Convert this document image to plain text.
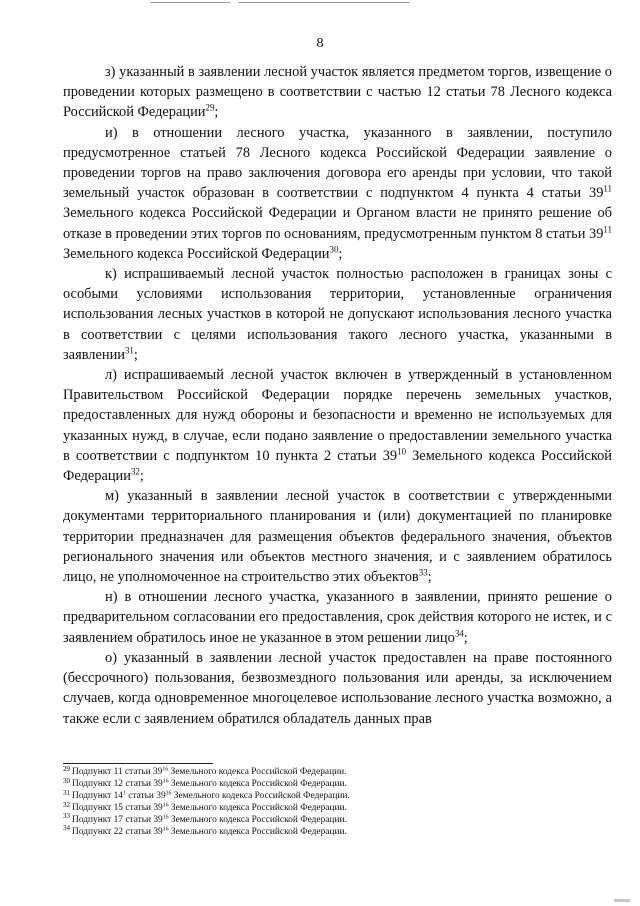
8

з) указанный в заявлении лесной участок является предметом торгов, извещение о проведении которых размещено в соответствии с частью 12 статьи 78 Лесного кодекса Российской Федерации$^{29}$;

и) в отношении лесного участка, указанного в заявлении, поступило предусмотренное статьей 78 Лесного кодекса Российской Федерации заявление о проведении торгов на право заключения договора его аренды при условии, что такой земельный участок образован в соответствии с подпунктом 4 пункта 4 статьи $39^{11}$ Земельного кодекса Российской Федерации и Органом власти не принято решение об отказе в проведении этих торгов по основаниям, предусмотренным пунктом 8 статьи $39^{11}$ Земельного кодекса Российской Федерации$^{30}$;

к) испрашиваемый лесной участок полностью расположен в границах зоны с особыми условиями использования территории, установленные ограничения использования лесных участков в которой не допускают использования лесного участка в соответствии с целями использования такого лесного участка, указанными в заявлении$^{31}$;

л) испрашиваемый лесной участок включен в утвержденный в установленном Правительством Российской Федерации порядке перечень земельных участков, предоставленных для нужд обороны и безопасности и временно не используемых для указанных нужд, в случае, если подано заявление о предоставлении земельного участка в соответствии с подпунктом 10 пункта 2 статьи $39^{10}$ Земельного кодекса Российской Федерации$^{32}$;

м) указанный в заявлении лесной участок в соответствии с утвержденными документами территориального планирования и (или) документацией по планировке территории предназначен для размещения объектов федерального значения, объектов регионального значения или объектов местного значения, и с заявлением обратилось лицо, не уполномоченное на строительство этих объектов$^{33}$;

н) в отношении лесного участка, указанного в заявлении, принято решение о предварительном согласовании его предоставления, срок действия которого не истек, и с заявлением обратилось иное не указанное в этом решении лицо$^{34}$;

о) указанный в заявлении лесной участок предоставлен на праве постоянного (бессрочного) пользования, безвозмездного пользования или аренды, за исключением случаев, когда одновременное многоцелевое использование лесного участка возможно, а также если с заявлением обратился обладатель данных прав

$^{29}$ Подпункт 11 статьи $39^{16}$ Земельного кодекса Российской Федерации.
$^{30}$ Подпункт 12 статьи $39^{16}$ Земельного кодекса Российской Федерации.
$^{31}$ Подпункт $14^1$ статьи $39^{16}$ Земельного кодекса Российской Федерации.
$^{32}$ Подпункт 15 статьи $39^{16}$ Земельного кодекса Российской Федерации.
$^{33}$ Подпункт 17 статьи $39^{16}$ Земельного кодекса Российской Федерации.
$^{34}$ Подпункт 22 статьи $39^{16}$ Земельного кодекса Российской Федерации.
